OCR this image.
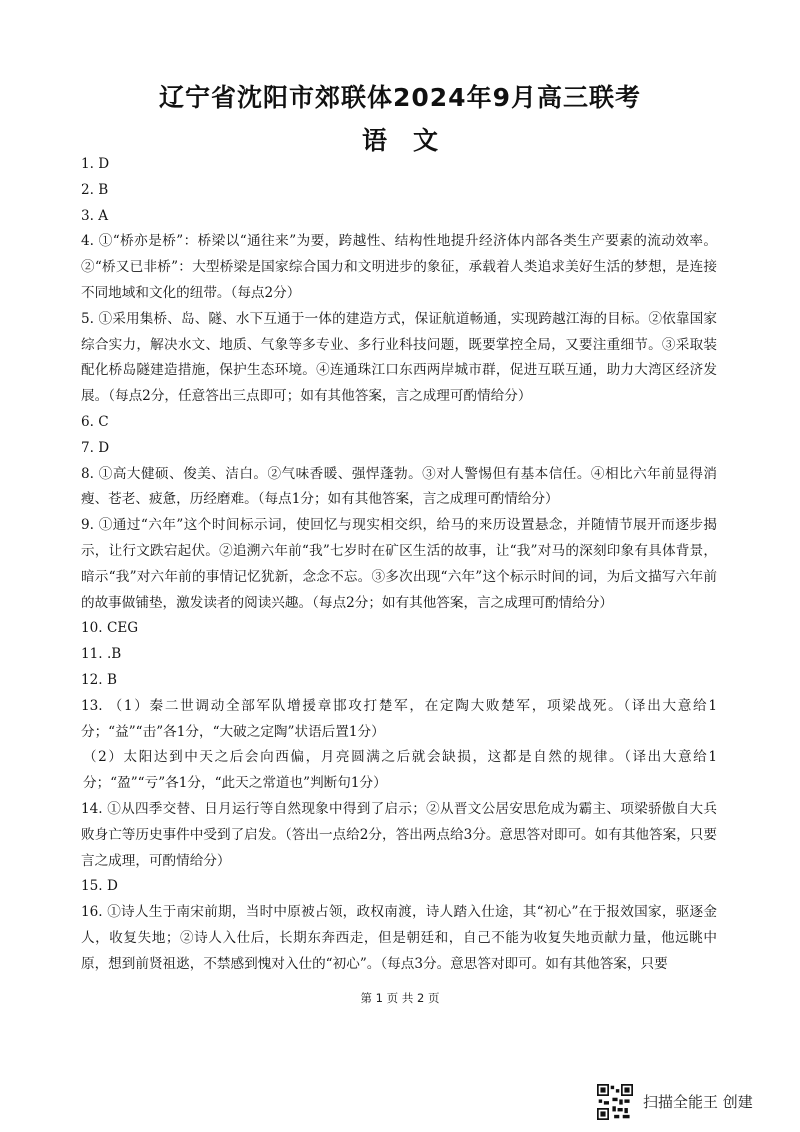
辽宁省沈阳市郊联体2024年9月高三联考
语文

1. D

2. B

3. A

4. ①“桥亦是桥”：桥梁以“通往来”为要，跨越性、结构性地提升经济体内部各类生产要素的流动效率。②“桥又已非桥”：大型桥梁是国家综合国力和文明进步的象征，承载着人类追求美好生活的梦想，是连接不同地域和文化的纽带。（每点2分）

5. ①采用集桥、岛、隧、水下互通于一体的建造方式，保证航道畅通，实现跨越江海的目标。②依靠国家综合实力，解决水文、地质、气象等多专业、多行业科技问题，既要掌控全局，又要注重细节。③采取装配化桥岛隧建造措施，保护生态环境。④连通珠江口东西两岸城市群，促进互联互通，助力大湾区经济发展。（每点2分，任意答出三点即可；如有其他答案，言之成理可酌情给分）

6. C

7. D

8. ①高大健硕、俊美、洁白。②气味香暖、强悍蓬勃。③对人警惕但有基本信任。④相比六年前显得消瘦、苍老、疲惫，历经磨难。（每点1分；如有其他答案，言之成理可酌情给分）

9. ①通过“六年”这个时间标示词，使回忆与现实相交织，给马的来历设置悬念，并随情节展开而逐步揭示，让行文跌宕起伏。②追溯六年前“我”七岁时在矿区生活的故事，让“我”对马的深刻印象有具体背景，暗示“我”对六年前的事情记忆犹新，念念不忘。③多次出现“六年”这个标示时间的词，为后文描写六年前的故事做铺垫，激发读者的阅读兴趣。（每点2分；如有其他答案，言之成理可酌情给分）

10. CEG

11. .B

12. B

13. （1）秦二世调动全部军队增援章邯攻打楚军，在定陶大败楚军，项梁战死。（译出大意给1分；“益”“击”各1分，“大破之定陶”状语后置1分）

（2）太阳达到中天之后会向西偏，月亮圆满之后就会缺损，这都是自然的规律。（译出大意给1分；“盈”“亏”各1分，“此天之常道也”判断句1分）

14. ①从四季交替、日月运行等自然现象中得到了启示；②从晋文公居安思危成为霸主、项梁骄傲自大兵败身亡等历史事件中受到了启发。（答出一点给2分，答出两点给3分。意思答对即可。如有其他答案，只要言之成理，可酌情给分）

15. D

16. ①诗人生于南宋前期，当时中原被占领，政权南渡，诗人踏入仕途，其“初心”在于报效国家，驱逐金人，收复失地；②诗人入仕后，长期东奔西走，但是朝廷和，自己不能为收复失地贡献力量，他远眺中原，想到前贤祖逖，不禁感到愧对入仕的“初心”。（每点3分。意思答对即可。如有其他答案，只要

第 1 页 共 2 页
扫描全能王 创建
